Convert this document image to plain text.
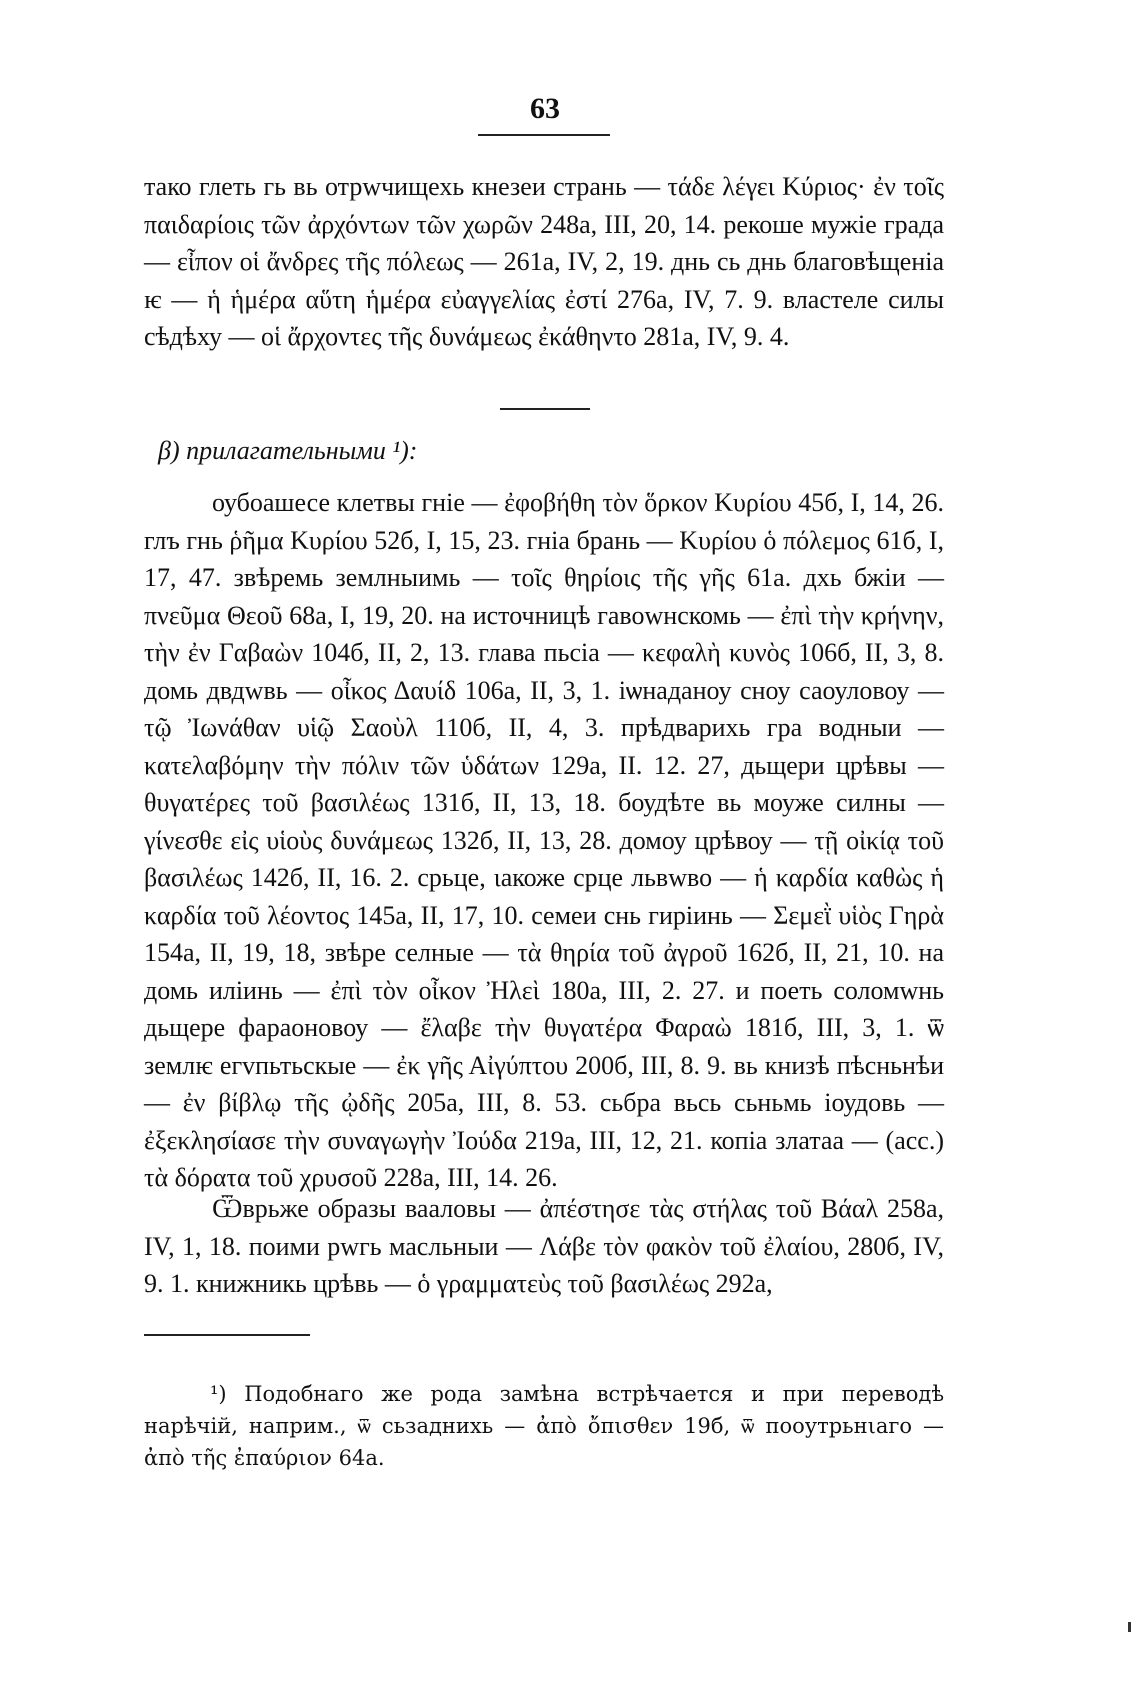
63
тако глеть гь вь отрwчищехь кнезеи странь — τάδε λέγει Κύριος· ἐν τοῖς παιδαρίοις τῶν ἀρχόντων τῶν χωρῶν 248а, III, 20, 14. рекоше мужіе града — εἶπον οἱ ἄνδρες τῆς πόλεως — 261а, IV, 2, 19. днь сь днь благовѣщеніа ѥ — ἡ ἡμέρα αὕτη ἡμέρα εὐαγγελίας ἐστί 276а, IV, 7. 9. властеле силы сѣдѣху — οἱ ἄρχοντες τῆς δυνάμεως ἐκάθηντο 281а, IV, 9. 4.
β) прилагательными ¹):
оубоашесе клетвы гніе — ἐφοβήθη τὸν ὅρκον Κυρίου 45б, I, 14, 26. глъ гнь ῥῆμα Κυρίου 52б, I, 15, 23. гніа брань — Κυρίου ὁ πόλεμος 61б, I, 17, 47. звѣремь землныимь — τοῖς θηρίοις τῆς γῆς 61а. дхь бжіи — πνεῦμα Θεοῦ 68а, I, 19, 20. на источницѣ гавоwнскомь — ἐπὶ τὴν κρήνην, τὴν ἐν Γαβαὼν 104б, II, 2, 13. глава пьсіа — κεφαλὴ κυνὸς 106б, II, 3, 8. домь двдwвь — οἶκος Δαυίδ 106а, II, 3, 1. іѡнаданоу сноу саоуловоу — τῷ Ἰωνάθαν υἱῷ Σαοὺλ 110б, II, 4, 3. прѣдварихь гра водныи — κατελαβόμην τὴν πόλιν τῶν ὑδάτων 129а, II. 12. 27, дьщери црѣвы — θυγατέρες τοῦ βασιλέως 131б, II, 13, 18. боудѣте вь моуже силны — γίνεσθε εἰς υἱοὺς δυνάμεως 132б, II, 13, 28. домоу црѣвоу — τῇ οἰκίᾳ τοῦ βασιλέως 142б, II, 16. 2. срьце, ιакоже срце львwво — ἡ καρδία καθὼς ἡ καρδία τοῦ λέοντος 145а, II, 17, 10. семеи снь гиріинь — Σεμεῒ υἱὸς Γηρὰ 154а, II, 19, 18, звѣре селные — τὰ θηρία τοῦ ἀγροῦ 162б, II, 21, 10. на домь иліинь — ἐπὶ τὸν οἶκον Ἠλεὶ 180а, III, 2. 27. и поеть соломwнь дьщере фараоновоу — ἔλαβε τὴν θυγατέρα Φαραὼ 181б, III, 3, 1. ѿ землѥ егvпьтьскые — ἐκ γῆς Αἰγύπτου 200б, III, 8. 9. вь книзѣ пѣсньнѣи — ἐν βίβλῳ τῆς ᾠδῆς 205а, III, 8. 53. сьбра вьсь сьньмь іоудовь — ἐξεκλησίασε τὴν συναγωγὴν Ἰούδα 219а, III, 12, 21. копіа златаа — (acc.) τὰ δόρατα τοῦ χρυσοῦ 228а, III, 14. 26.
Ѿврьже образы вааловы — ἀπέστησε τὰς στήλας τοῦ Βάαλ 258а, IV, 1, 18. поими рwгь масльныи — Λάβε τὸν φακὸν τοῦ ἐλαίου, 280б, IV, 9. 1. книжникь црѣвь — ὁ γραμματεὺς τοῦ βασιλέως 292а,
¹) Подобнаго же рода замѣна встрѣчается и при переводѣ нарѣчій, наприм., ѿ сьзаднихь — ἀπὸ ὄπισθεν 19б, ѿ пооутрьнιаго — ἀπὸ τῆς ἐπαύριον 64а.
